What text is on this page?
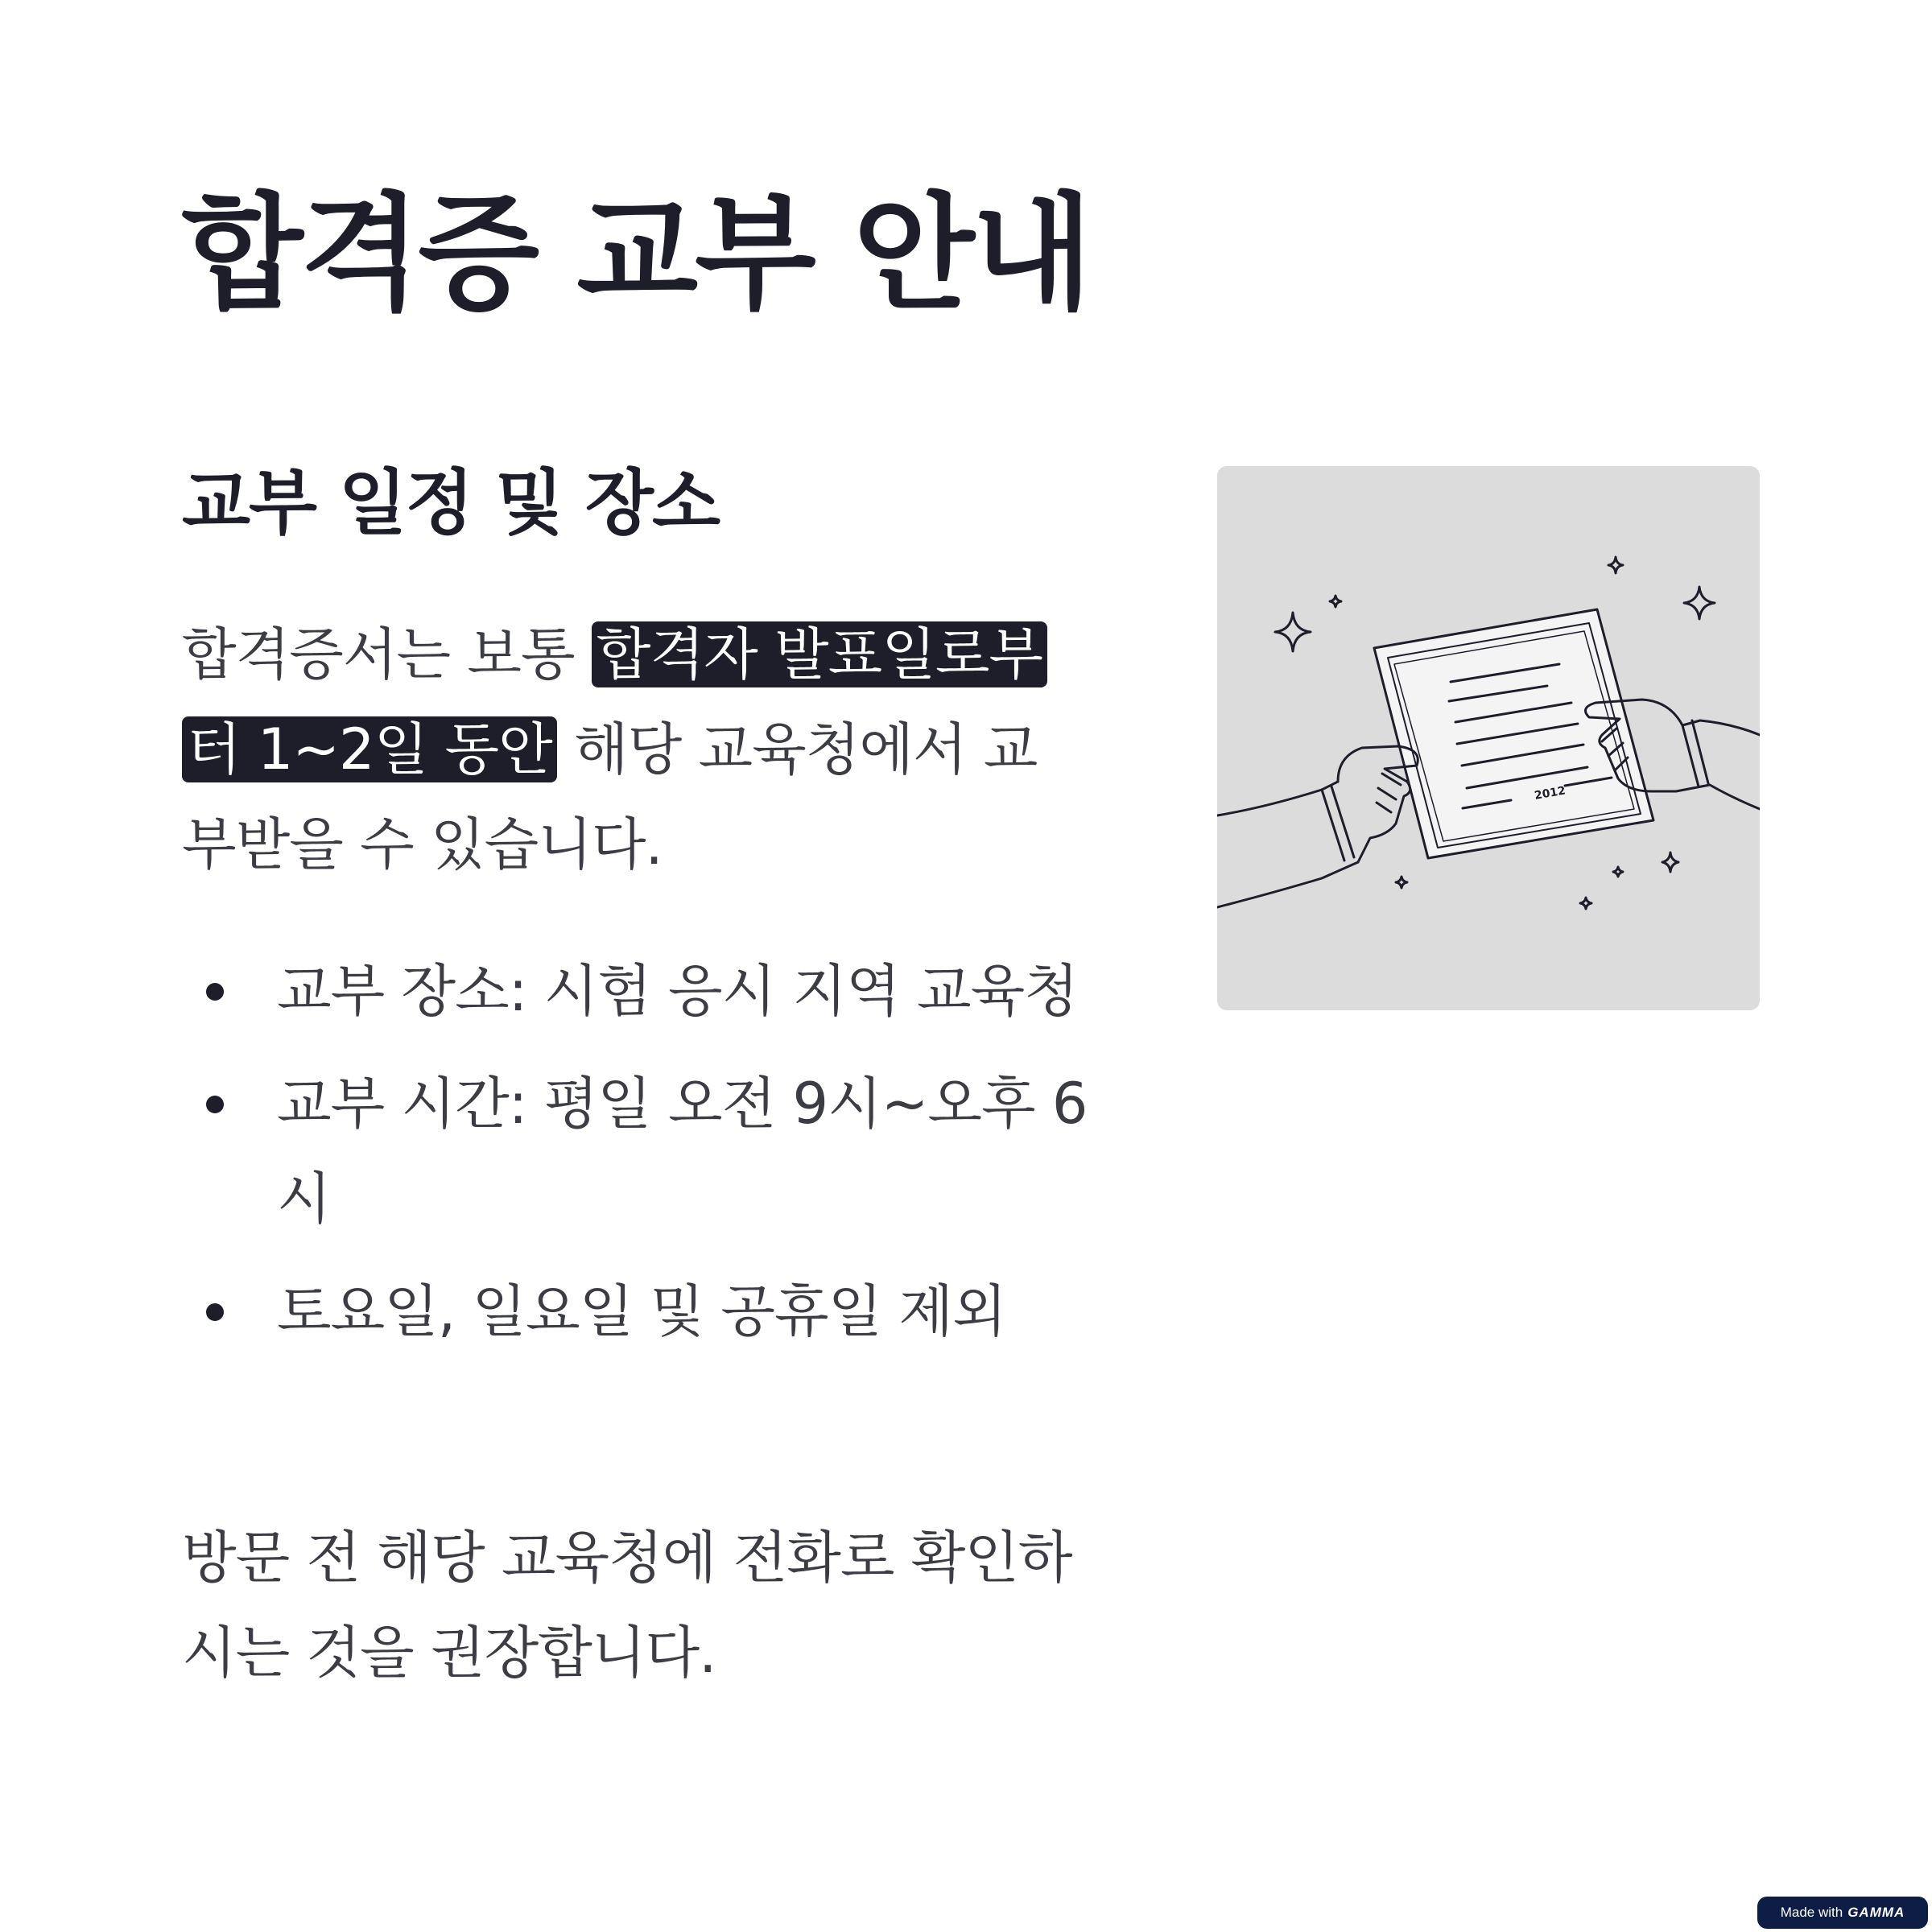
합격증 교부 안내
교부 일정 및 장소

합격증서는 보통 합격자 발표일로부터 1~2일 동안 해당 교육청에서 교부받을 수 있습니다.

교부 장소: 시험 응시 지역 교육청
교부 시간: 평일 오전 9시~오후 6시
토요일, 일요일 및 공휴일 제외

방문 전 해당 교육청에 전화로 확인하시는 것을 권장합니다.

2012
Made with GAMMA
